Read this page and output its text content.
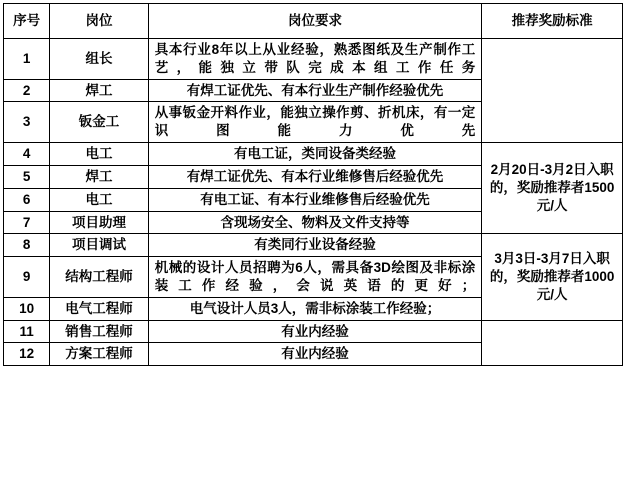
序号	岗位	岗位要求	推荐奖励标准
1	组长	具本行业8年以上从业经验，熟悉图纸及生产制作工艺，能独立带队完成本组工作任务	
2	焊工	有焊工证优先、有本行业生产制作经验优先	
3	钣金工	从事钣金开料作业，能独立操作剪、折机床，有一定识图能力优先	
4	电工	有电工证，类同设备类经验	2月20日-3月2日入职的，奖励推荐者1500元/人
5	焊工	有焊工证优先、有本行业维修售后经验优先	
6	电工	有电工证、有本行业维修售后经验优先	
7	项目助理	含现场安全、物料及文件支持等	
8	项目调试	有类同行业设备经验	3月3日-3月7日入职的，奖励推荐者1000元/人
9	结构工程师	机械的设计人员招聘为6人，需具备3D绘图及非标涂装工作经验，会说英语的更好；	
10	电气工程师	电气设计人员3人，需非标涂装工作经验；	
11	销售工程师	有业内经验	
12	方案工程师	有业内经验	
